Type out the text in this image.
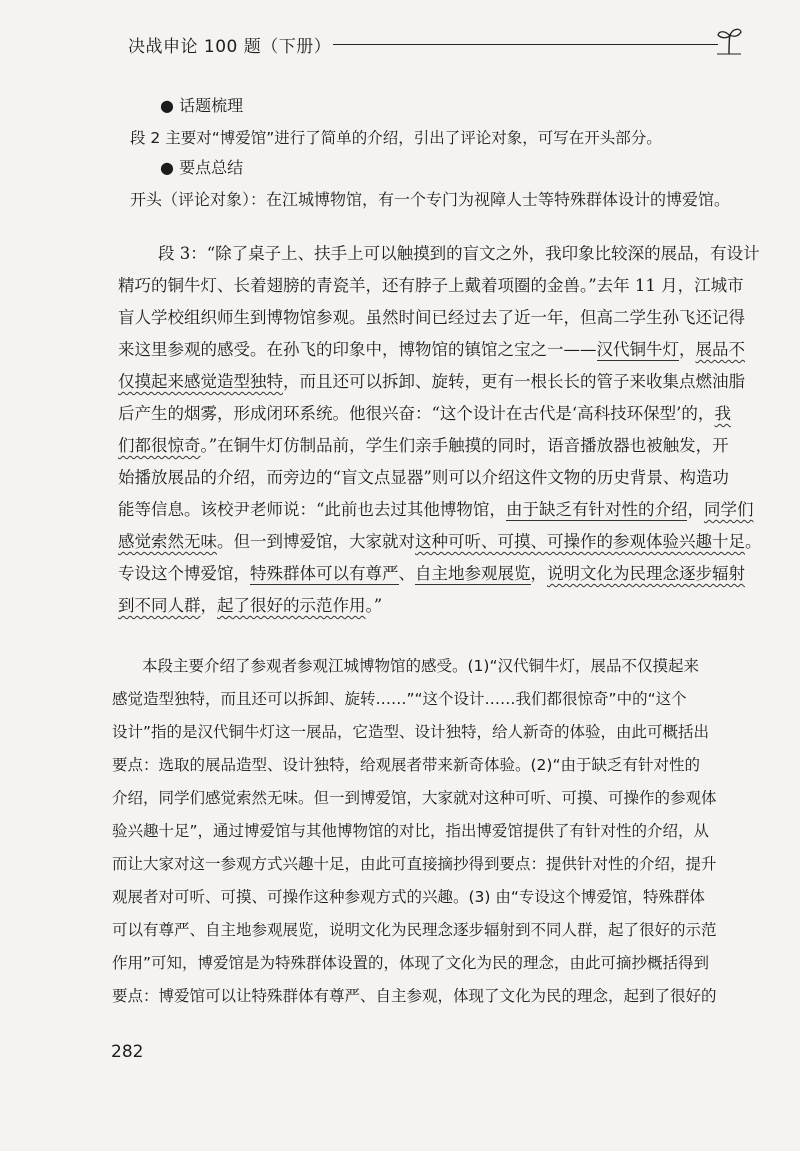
决战申论 100 题（下册）
● 话题梳理
段 2 主要对“博爱馆”进行了简单的介绍，引出了评论对象，可写在开头部分。
● 要点总结
开头（评论对象）：在江城博物馆，有一个专门为视障人士等特殊群体设计的博爱馆。
段 3：“除了桌子上、扶手上可以触摸到的盲文之外，我印象比较深的展品，有设计
精巧的铜牛灯、长着翅膀的青瓷羊，还有脖子上戴着项圈的金兽。”去年 11 月，江城市
盲人学校组织师生到博物馆参观。虽然时间已经过去了近一年，但高二学生孙飞还记得
来这里参观的感受。在孙飞的印象中，博物馆的镇馆之宝之一——汉代铜牛灯，展品不
仅摸起来感觉造型独特，而且还可以拆卸、旋转，更有一根长长的管子来收集点燃油脂
后产生的烟雾，形成闭环系统。他很兴奋：“这个设计在古代是‘高科技环保型’的，我
们都很惊奇。”在铜牛灯仿制品前，学生们亲手触摸的同时，语音播放器也被触发，开
始播放展品的介绍，而旁边的“盲文点显器”则可以介绍这件文物的历史背景、构造功
能等信息。该校尹老师说：“此前也去过其他博物馆，由于缺乏有针对性的介绍，同学们
感觉索然无味。但一到博爱馆，大家就对这种可听、可摸、可操作的参观体验兴趣十足。
专设这个博爱馆，特殊群体可以有尊严、自主地参观展览，说明文化为民理念逐步辐射
到不同人群，起了很好的示范作用。”
本段主要介绍了参观者参观江城博物馆的感受。(1)“汉代铜牛灯，展品不仅摸起来
感觉造型独特，而且还可以拆卸、旋转……”“这个设计……我们都很惊奇”中的“这个
设计”指的是汉代铜牛灯这一展品，它造型、设计独特，给人新奇的体验，由此可概括出
要点：选取的展品造型、设计独特，给观展者带来新奇体验。(2)“由于缺乏有针对性的
介绍，同学们感觉索然无味。但一到博爱馆，大家就对这种可听、可摸、可操作的参观体
验兴趣十足”，通过博爱馆与其他博物馆的对比，指出博爱馆提供了有针对性的介绍，从
而让大家对这一参观方式兴趣十足，由此可直接摘抄得到要点：提供针对性的介绍，提升
观展者对可听、可摸、可操作这种参观方式的兴趣。(3) 由“专设这个博爱馆，特殊群体
可以有尊严、自主地参观展览，说明文化为民理念逐步辐射到不同人群，起了很好的示范
作用”可知，博爱馆是为特殊群体设置的，体现了文化为民的理念，由此可摘抄概括得到
要点：博爱馆可以让特殊群体有尊严、自主参观，体现了文化为民的理念，起到了很好的
282
